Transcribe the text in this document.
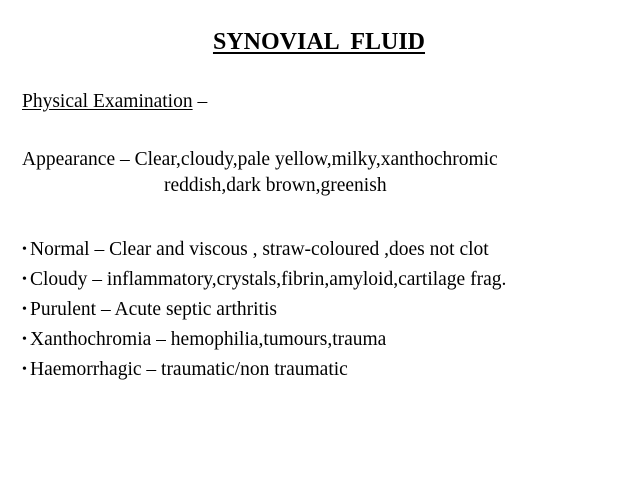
SYNOVIAL  FLUID
Physical Examination –
Appearance – Clear,cloudy,pale yellow,milky,xanthochromic
reddish,dark brown,greenish
• Normal – Clear and viscous , straw-coloured ,does not clot
• Cloudy – inflammatory,crystals,fibrin,amyloid,cartilage frag.
• Purulent – Acute septic arthritis
• Xanthochromia – hemophilia,tumours,trauma
• Haemorrhagic – traumatic/non traumatic
